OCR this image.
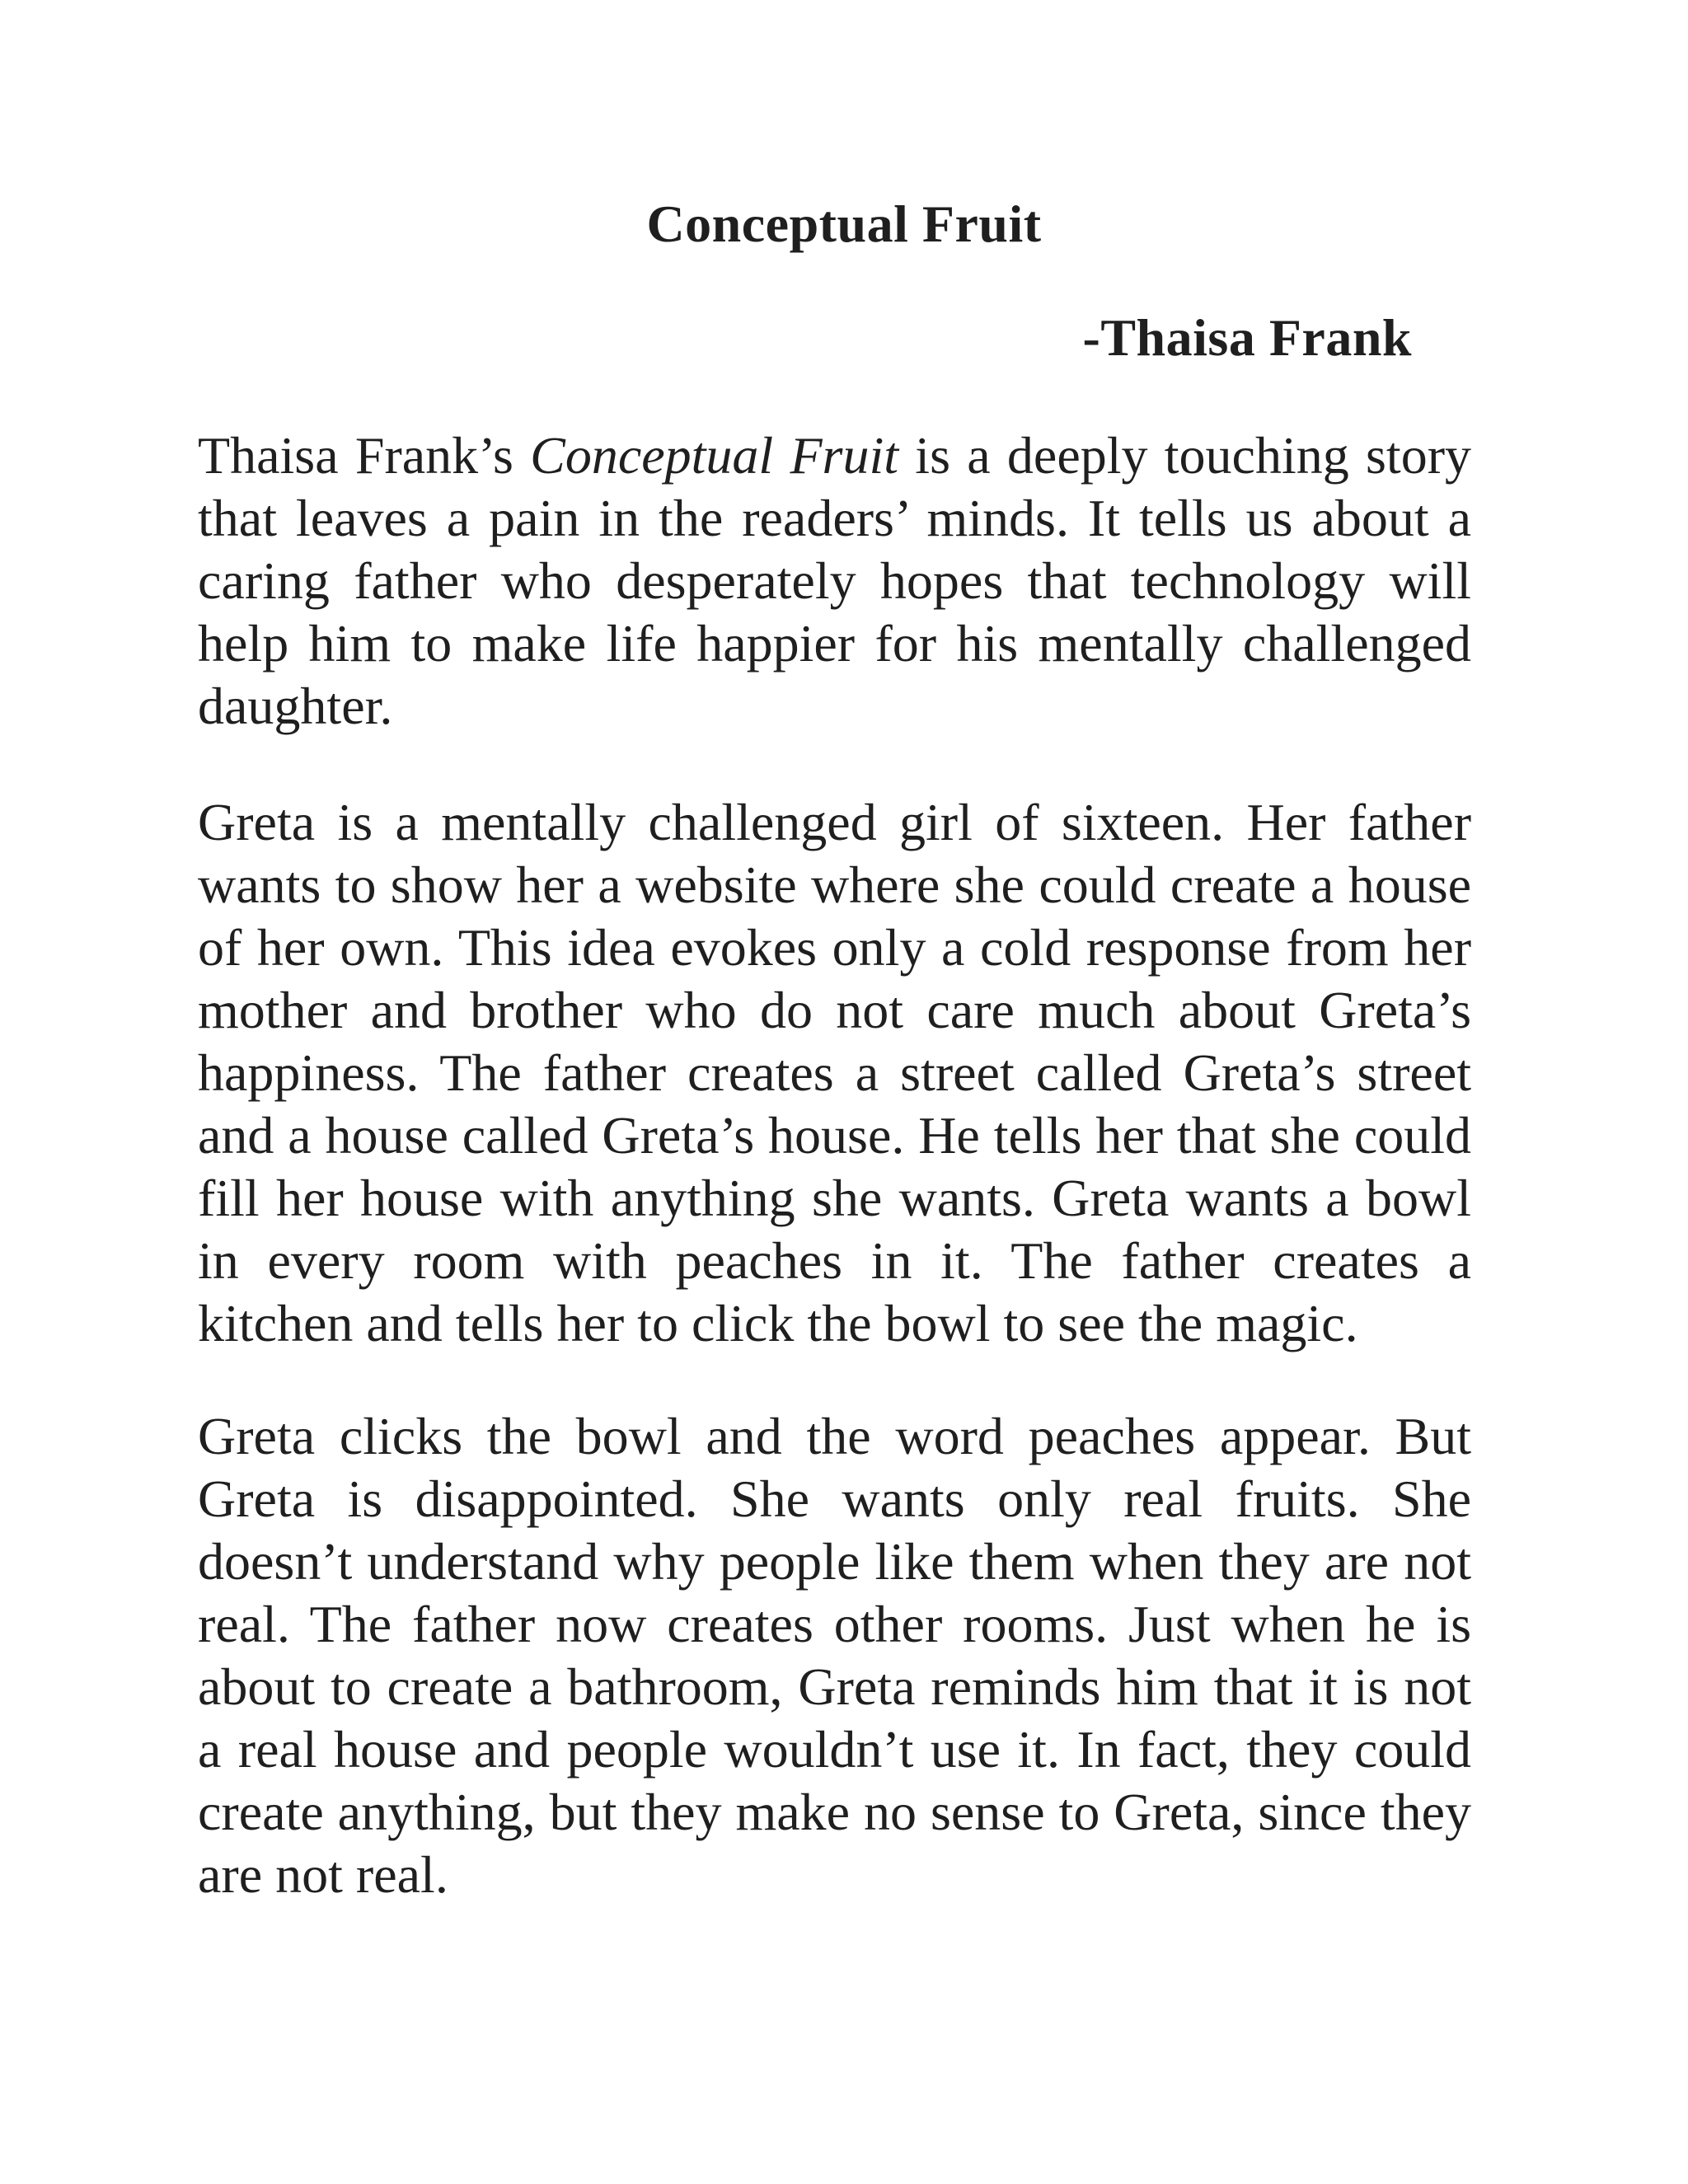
Conceptual Fruit
-Thaisa Frank

Thaisa Frank’s Conceptual Fruit is a deeply touching story that leaves a pain in the readers’ minds. It tells us about a caring father who desperately hopes that technology will help him to make life happier for his mentally challenged daughter.

Greta is a mentally challenged girl of sixteen. Her father wants to show her a website where she could create a house of her own. This idea evokes only a cold response from her mother and brother who do not care much about Greta’s happiness. The father creates a street called Greta’s street and a house called Greta’s house. He tells her that she could fill her house with anything she wants. Greta wants a bowl in every room with peaches in it. The father creates a kitchen and tells her to click the bowl to see the magic.

Greta clicks the bowl and the word peaches appear. But Greta is disappointed. She wants only real fruits. She doesn’t understand why people like them when they are not real. The father now creates other rooms. Just when he is about to create a bathroom, Greta reminds him that it is not a real house and people wouldn’t use it. In fact, they could create anything, but they make no sense to Greta, since they are not real.
